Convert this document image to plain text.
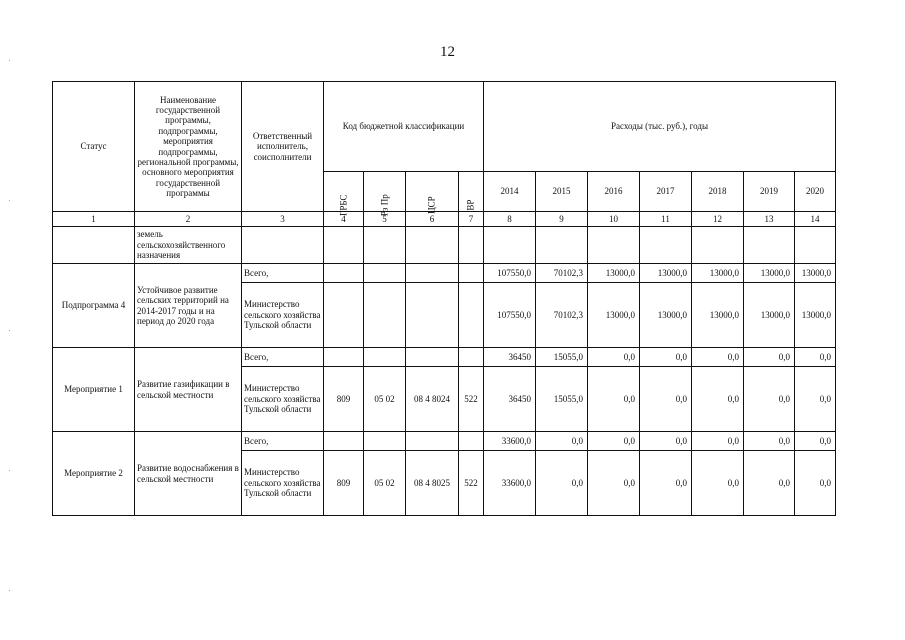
12
Статус	Наименование государственной программы, подпрограммы, мероприятия подпрограммы, региональной программы, основного мероприятия государственной программы	Ответственный исполнитель, соисполнители	Код бюджетной классификации				Расходы (тыс. руб.), годы						
			ГРБС	Рз Пр	ЦСР	ВР	2014	2015	2016	2017	2018	2019	2020
1	2	3	4	5	6	7	8	9	10	11	12	13	14
	земель сельскохозяйственного назначения												
Подпрограмма 4	Устойчивое развитие сельских территорий на 2014-2017 годы и на период до 2020 года	Всего,					107550,0	70102,3	13000,0	13000,0	13000,0	13000,0	13000,0
		Министерство сельского хозяйства Тульской области					107550,0	70102,3	13000,0	13000,0	13000,0	13000,0	13000,0
Мероприятие 1	Развитие газификации в сельской местности	Всего,					36450	15055,0	0,0	0,0	0,0	0,0	0,0
		Министерство сельского хозяйства Тульской области	809	05 02	08 4 8024	522	36450	15055,0	0,0	0,0	0,0	0,0	0,0
Мероприятие 2	Развитие водоснабжения в сельской местности	Всего,					33600,0	0,0	0,0	0,0	0,0	0,0	0,0
		Министерство сельского хозяйства Тульской области	809	05 02	08 4 8025	522	33600,0	0,0	0,0	0,0	0,0	0,0	0,0
